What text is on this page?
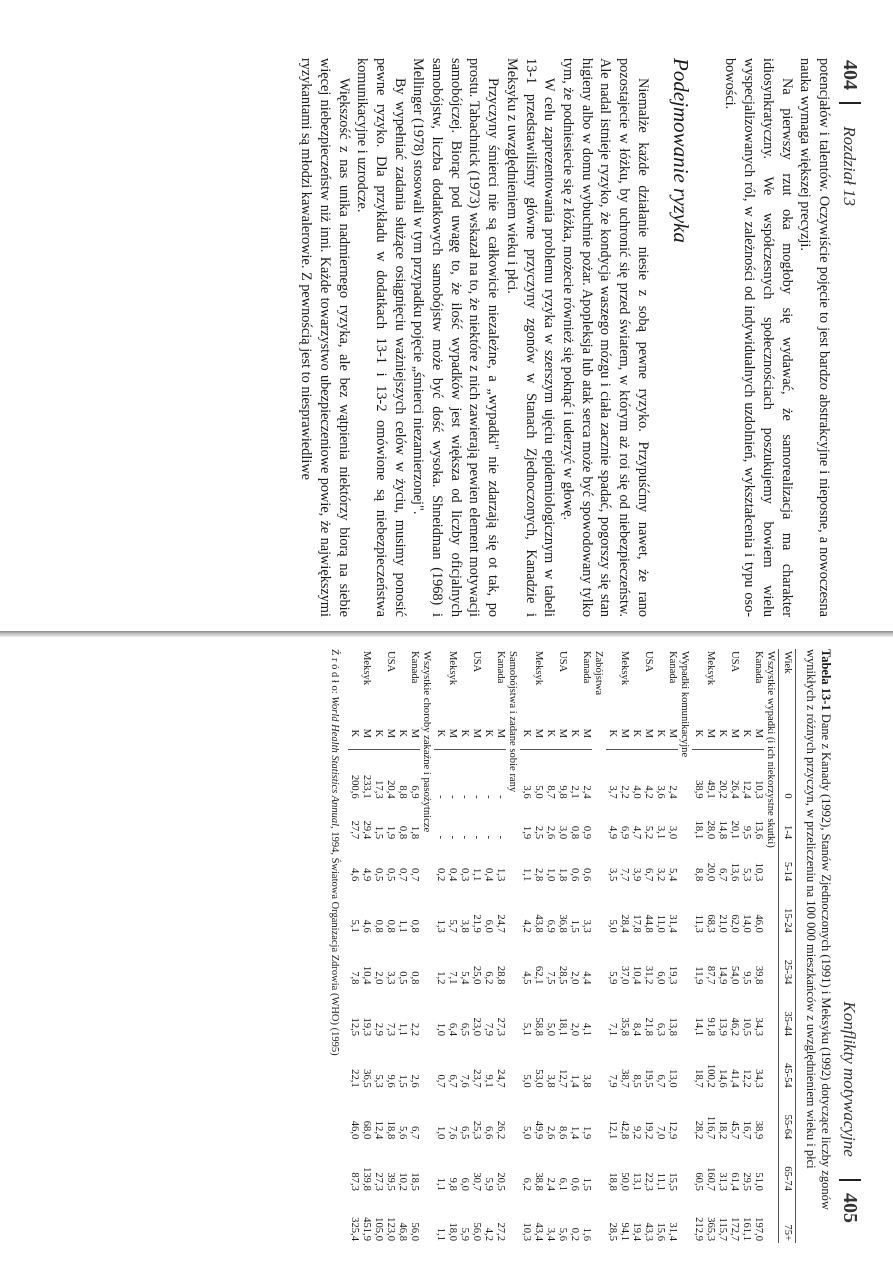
404 Rozdział 13

potencjałów i talentów. Oczywiście pojęcie to jest bardzo abstrakcyjne i nieposne, a nowoczesna nauka wymaga większej precyzji.

Na pierwszy rzut oka mogłoby się wydawać, że samorealizacja ma charakter idiosynkratyczny. We współczesnych społecznościach poszukujemy bowiem wielu wyspecjalizowanych ról, w zależności od indywidualnych uzdolnień, wykształcenia i typu osobowości.

Podejmowanie ryzyka

Niemalże każde działanie niesie z sobą pewne ryzyko. Przypuśćmy nawet, że rano pozostajecie w łóżku, by uchronić się przed światem, w którym aż roi się od niebezpieczeństw. Ale nadal istnieje ryzyko, że kondycja waszego mózgu i ciała zacznie spadać, pogorszy się stan higieny albo w domu wybuchnie pożar. Apopleksja lub atak serca może być spowodowany tylko tym, że podniesiecie się z łóżka, możecie również się poknąć i uderzyć w głowę.

W celu zaprezentowania problemu ryzyka w szerszym ujęciu epidemiologicznym w tabeli 13-1 przedstawiliśmy główne przyczyny zgonów w Stanach Zjednoczonych, Kanadzie i Meksyku z uwzględnieniem wieku i płci.

Przyczyny śmierci nie są całkowicie niezależne, a „wypadki" nie zdarzają się ot tak, po prostu. Tabachnick (1973) wskazał na to, że niektóre z nich zawierają pewien element motywacji samobójczej. Biorąc pod uwagę to, że ilość wypadków jest większa od liczby oficjalnych samobójstw, liczba dodatkowych samobójstw może być dość wysoka. Shneidman (1968) i Mellinger (1978) stosowali w tym przypadku pojęcie „śmierci niezamierzonej".

By wypełniać zadania służące osiągnięciu ważniejszych celów w życiu, musimy ponosić pewne ryzyko. Dla przykładu w dodatkach 13-1 i 13-2 omówione są niebezpieczeństwa komunikacyjne i uzrodcze.

Większość z nas unika nadmiernego ryzyka, ale bez wątpienia niektórzy biorą na siebie więcej niebezpieczeństw niż inni. Każde towarzystwo ubezpieczeniowe powie, że największymi ryzykantami są młodzi kawalerowie. Z pewnością jest to niesprawiedliwe

Konflikty motywacyjne 405

Tabela 13-1 Dane z Kanady (1992), Stanów Zjednoczonych (1991) i Meksyku (1992) dotyczące liczby zgonów wynikłych z różnych przyczyn, w przeliczeniu na 100 000 mieszkańców z uwzględnieniem wieku i płci

Wiek		0	1-4	5-14	15-24	25-34	35-44	45-54	55-64	65-74	75+
Wszystkie wypadki (i ich niekorzystne skutki)											
Kanada	M	10,3	13,6	10,3	46,0	39,8	34,3	34,3	38,9	51,0	197,0
	K	12,4	9,5	5,3	14,0	9,5	10,5	12,2	16,7	29,5	161,1
USA	M	26,4	20,1	13,6	62,0	54,0	46,2	41,4	45,7	61,4	172,7
	K	20,2	14,8	6,7	21,0	14,9	13,9	14,6	18,2	31,3	115,7
Meksyk	M	49,1	28,0	20,0	68,3	87,7	91,8	100,2	116,7	160,7	365,3
	K	38,9	18,1	8,8	11,3	11,9	14,1	18,7	28,2	60,5	212,9
Wypadki komunikacyjne											
Kanada	M	2,4	3,0	5,4	31,4	19,3	13,8	13,0	12,9	15,5	31,4
	K	3,6	3,1	3,2	11,0	6,0	6,3	6,7	7,0	11,1	15,6
USA	M	4,2	5,2	6,7	44,8	31,2	21,8	19,5	19,2	22,3	43,3
	K	4,0	4,7	3,9	17,8	10,4	8,4	8,5	9,2	13,1	19,4
Meksyk	M	2,2	6,9	7,7	28,4	37,0	35,8	38,7	42,8	50,0	94,1
	K	3,7	4,9	3,5	5,0	5,9	7,1	7,9	12,1	18,8	28,5
Zabójstwa											
Kanada	M	2,4	0,9	0,6	3,3	4,4	4,1	3,8	1,9	1,5	1,6
	K	2,1	0,8	0,6	1,5	2,0	2,0	1,4	1,4	0,6	0,2
USA	M	9,8	3,0	1,8	36,8	28,5	18,1	12,7	8,6	6,1	5,6
	K	8,7	2,6	1,0	6,9	7,5	5,0	3,8	2,6	2,4	3,4
Meksyk	M	5,0	2,5	2,8	43,8	62,1	58,8	53,0	49,9	38,8	43,4
	K	3,6	1,9	1,1	4,2	4,5	5,1	5,0	5,0	6,2	10,3
Samobójstwa i zadane sobie rany											
Kanada	M	-	-	1,3	24,7	28,8	27,3	24,7	26,2	20,5	27,2
	K	-	-	0,4	6,0	6,2	7,9	9,1	6,6	5,9	4,2
USA	M	-	-	1,1	21,9	25,0	23,0	23,7	25,3	30,7	56,0
	K	-	-	0,3	3,8	5,4	6,5	7,6	6,5	6,0	5,9
Meksyk	M	-	-	0,4	5,7	7,1	6,4	6,7	7,6	9,8	18,0
	K	-	-	0,2	1,3	1,2	1,0	0,7	1,0	1,1	1,1
Wszystkie choroby zakaźne i pasożytnicze											
Kanada	M	6,9	1,8	0,7	0,8	0,8	2,2	2,6	6,7	18,5	56,0
	K	8,8	0,8	0,7	1,1	0,5	1,1	1,5	5,6	10,2	46,8
USA	M	20,4	1,9	0,5	0,8	3,3	7,3	9,6	18,8	39,5	123,0
	K	17,3	1,5	0,5	0,8	2,0	2,9	5,3	12,4	27,3	105,0
Meksyk	M	233,1	29,4	4,9	4,6	10,4	19,3	36,5	68,0	139,8	451,9
	K	200,6	27,7	4,6	5,1	7,8	12,5	22,1	46,0	87,3	325,4
Ź r ó d ł o: World Health Statistics Annual, 1994, Światowa Organizacja Zdrowia (WHO) (1995)
